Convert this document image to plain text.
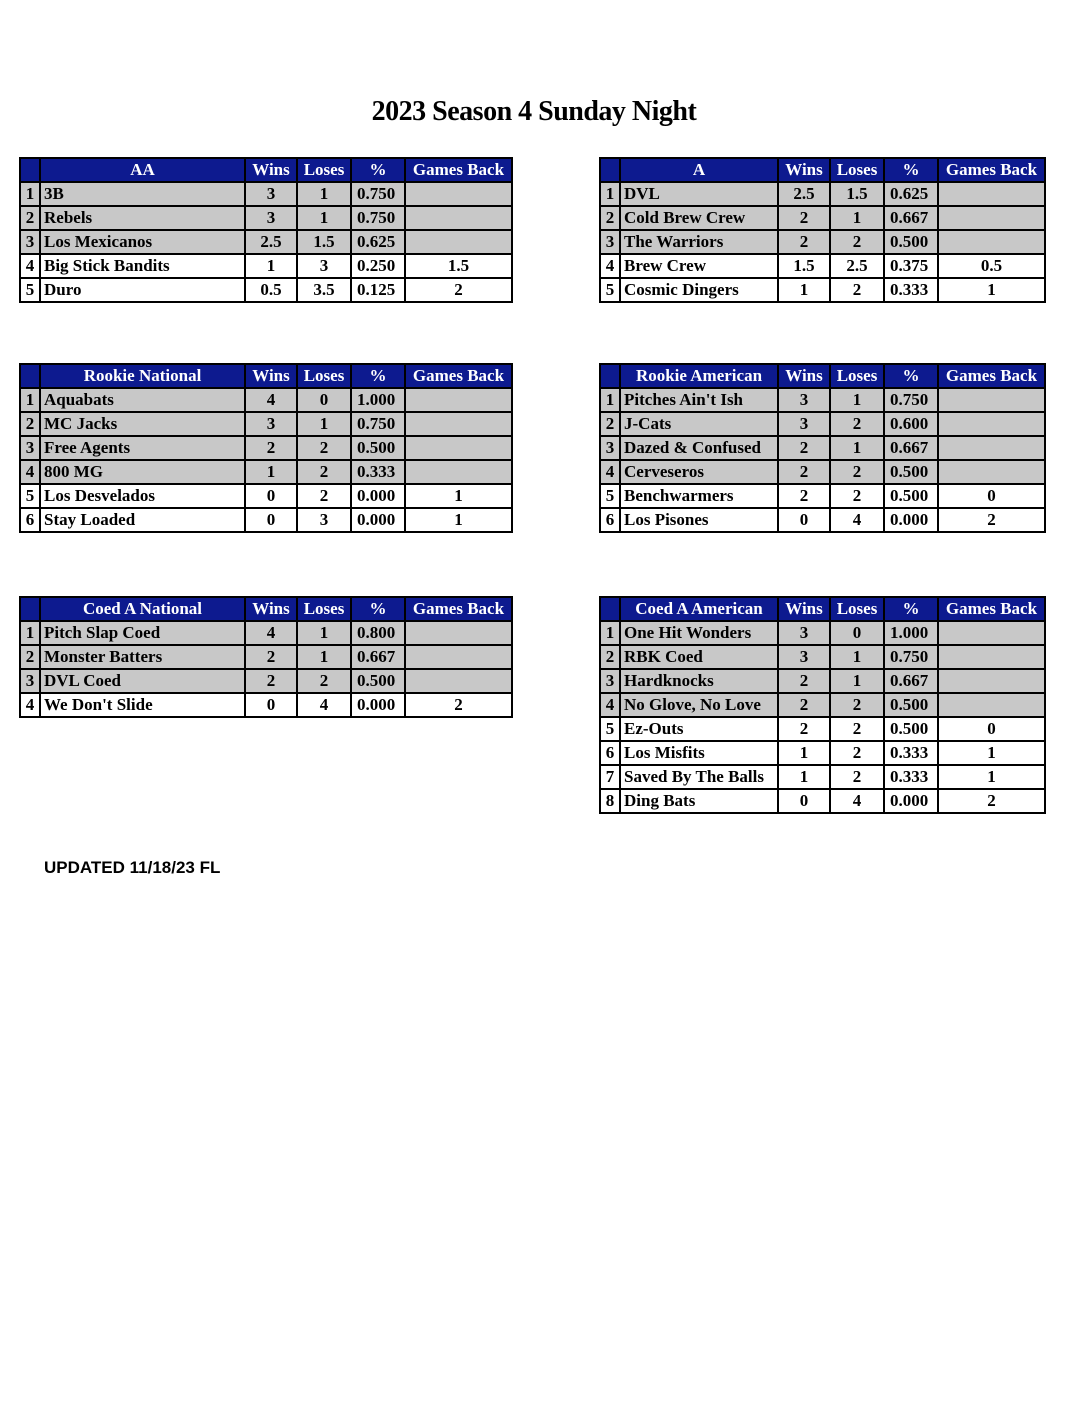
2023 Season 4 Sunday Night
	AA	Wins	Loses	%	Games Back
1	3B	3	1	0.750	
2	Rebels	3	1	0.750	
3	Los Mexicanos	2.5	1.5	0.625	
4	Big Stick Bandits	1	3	0.250	1.5
5	Duro	0.5	3.5	0.125	2
	A	Wins	Loses	%	Games Back
1	DVL	2.5	1.5	0.625	
2	Cold Brew Crew	2	1	0.667	
3	The Warriors	2	2	0.500	
4	Brew Crew	1.5	2.5	0.375	0.5
5	Cosmic Dingers	1	2	0.333	1
	Rookie National	Wins	Loses	%	Games Back
1	Aquabats	4	0	1.000	
2	MC Jacks	3	1	0.750	
3	Free Agents	2	2	0.500	
4	800 MG	1	2	0.333	
5	Los Desvelados	0	2	0.000	1
6	Stay Loaded	0	3	0.000	1
	Rookie American	Wins	Loses	%	Games Back
1	Pitches Ain't Ish	3	1	0.750	
2	J-Cats	3	2	0.600	
3	Dazed & Confused	2	1	0.667	
4	Cerveseros	2	2	0.500	
5	Benchwarmers	2	2	0.500	0
6	Los Pisones	0	4	0.000	2
	Coed A National	Wins	Loses	%	Games Back
1	Pitch Slap Coed	4	1	0.800	
2	Monster Batters	2	1	0.667	
3	DVL Coed	2	2	0.500	
4	We Don't Slide	0	4	0.000	2
	Coed A American	Wins	Loses	%	Games Back
1	One Hit Wonders	3	0	1.000	
2	RBK Coed	3	1	0.750	
3	Hardknocks	2	1	0.667	
4	No Glove, No Love	2	2	0.500	
5	Ez-Outs	2	2	0.500	0
6	Los Misfits	1	2	0.333	1
7	Saved By The Balls	1	2	0.333	1
8	Ding Bats	0	4	0.000	2
UPDATED 11/18/23 FL
